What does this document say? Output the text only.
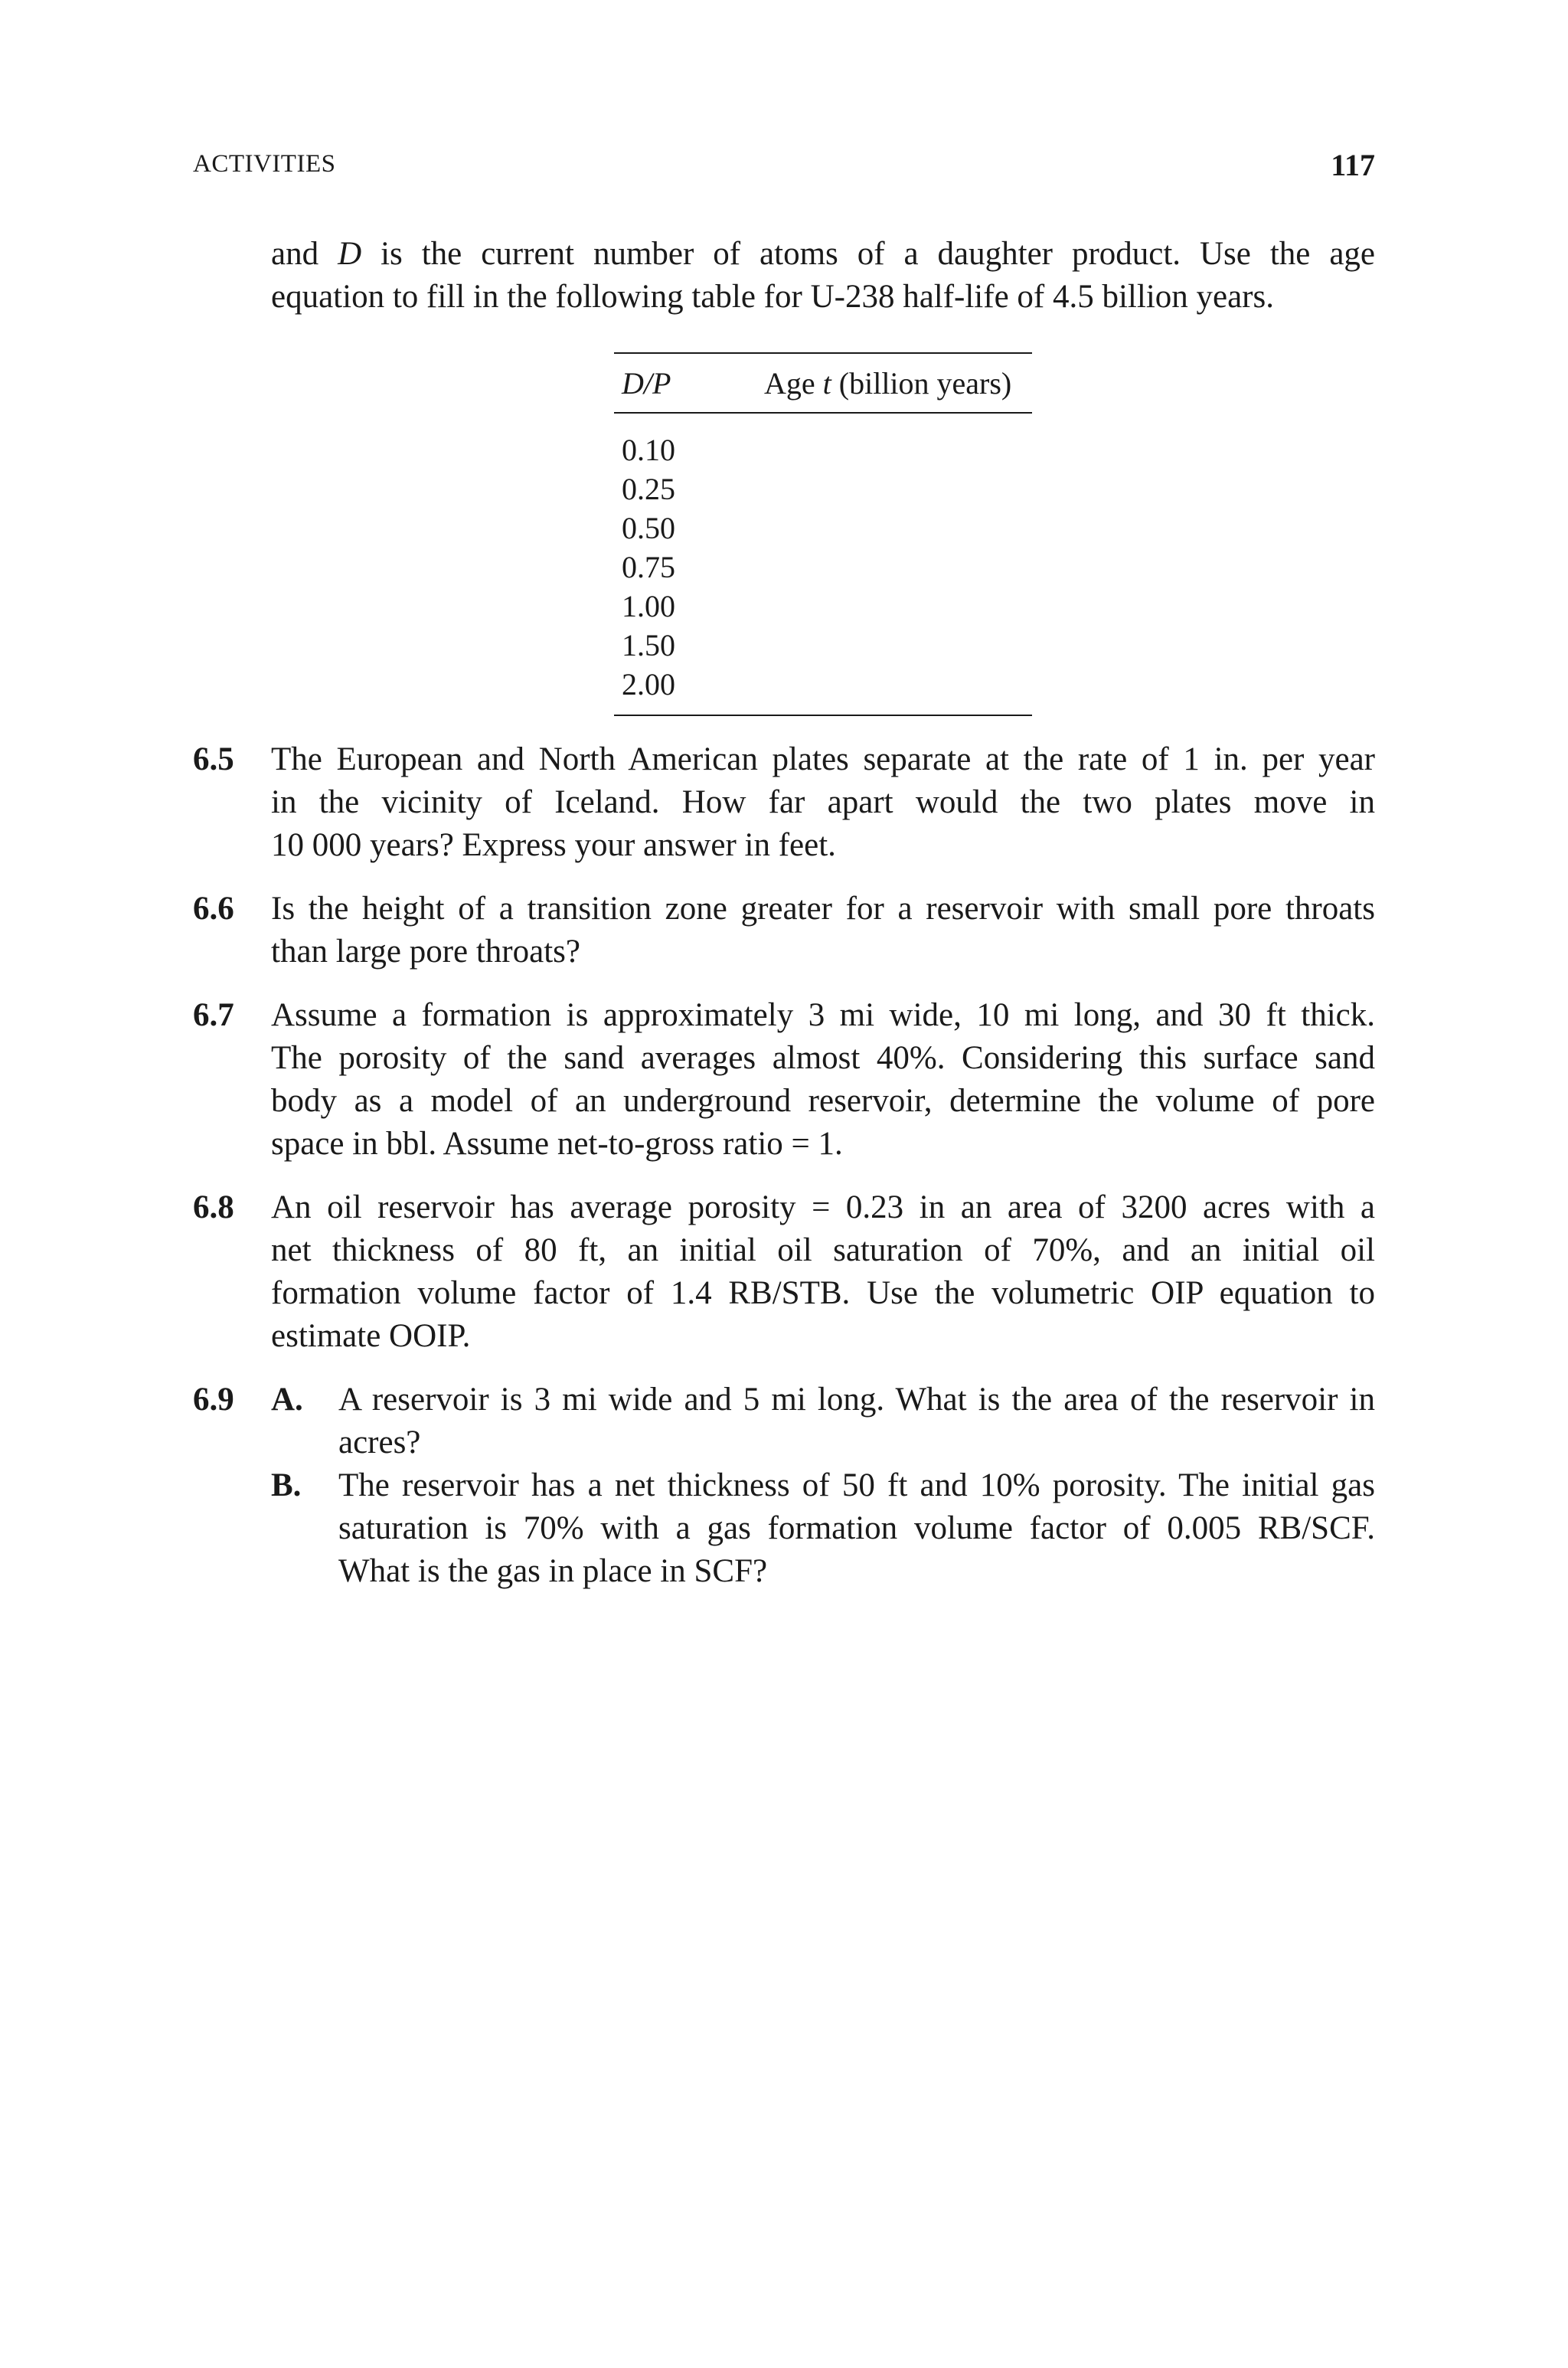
ACTIVITIES	117
and D is the current number of atoms of a daughter product. Use the age
equation to fill in the following table for U-238 half-life of 4.5 billion years.
D/P	Age t (billion years)
0.10
0.25
0.50
0.75
1.00
1.50
2.00
6.5 The European and North American plates separate at the rate of 1 in. per year
in the vicinity of Iceland. How far apart would the two plates move in
10 000 years? Express your answer in feet.
6.6 Is the height of a transition zone greater for a reservoir with small pore throats
than large pore throats?
6.7 Assume a formation is approximately 3 mi wide, 10 mi long, and 30 ft thick.
The porosity of the sand averages almost 40%. Considering this surface sand
body as a model of an underground reservoir, determine the volume of pore
space in bbl. Assume net-to-gross ratio = 1.
6.8 An oil reservoir has average porosity = 0.23 in an area of 3200 acres with a
net thickness of 80 ft, an initial oil saturation of 70%, and an initial oil
formation volume factor of 1.4 RB/STB. Use the volumetric OIP equation to
estimate OOIP.
6.9 A. A reservoir is 3 mi wide and 5 mi long. What is the area of the reservoir in
acres?
B. The reservoir has a net thickness of 50 ft and 10% porosity. The initial gas
saturation is 70% with a gas formation volume factor of 0.005 RB/SCF.
What is the gas in place in SCF?
